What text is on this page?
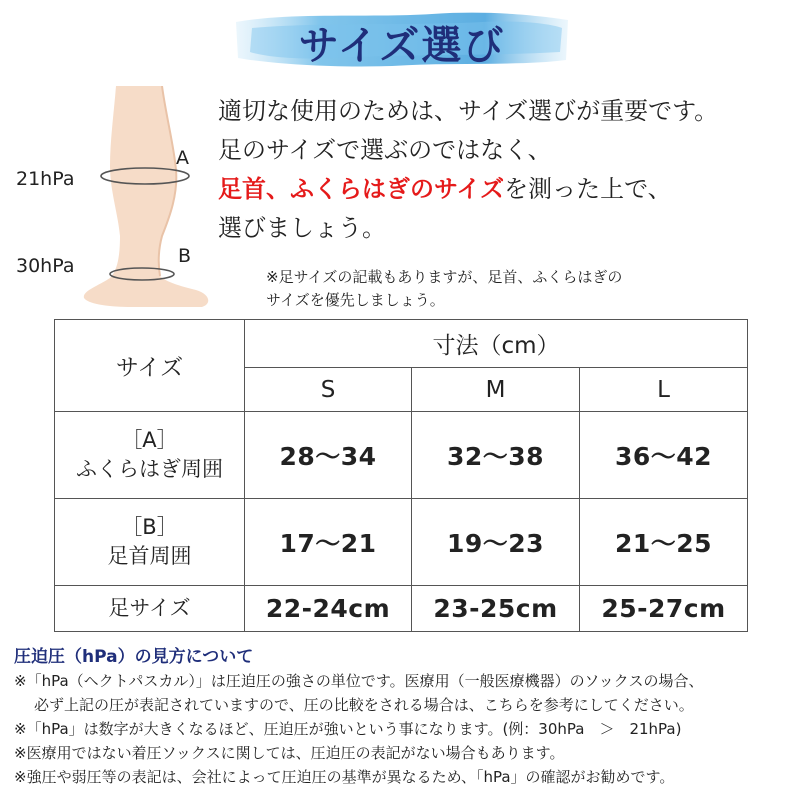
サイズ選び
21hPa
30hPa
A
B
適切な使用のためは、サイズ選びが重要です。
足のサイズで選ぶのではなく、
足首、ふくらはぎのサイズを測った上で、
選びましょう。
※足サイズの記載もありますが、足首、ふくらはぎの
サイズを優先しましょう。
サイズ	寸法（cm）		
	S	M	L

［A］
ふくらはぎ周囲	28〜34	32〜38	36〜42

［B］
足首周囲	17〜21	19〜23	21〜25
足サイズ	22-24cm	23-25cm	25-27cm
圧迫圧（hPa）の見方について
※「hPa（ヘクトパスカル）」は圧迫圧の強さの単位です。医療用（一般医療機器）のソックスの場合、
必ず上記の圧が表記されていますので、圧の比較をされる場合は、こちらを参考にしてください。
※「hPa」は数字が大きくなるほど、圧迫圧が強いという事になります。(例：30hPa　＞　21hPa)
※医療用ではない着圧ソックスに関しては、圧迫圧の表記がない場合もあります。
※強圧や弱圧等の表記は、会社によって圧迫圧の基準が異なるため、「hPa」の確認がお勧めです。
